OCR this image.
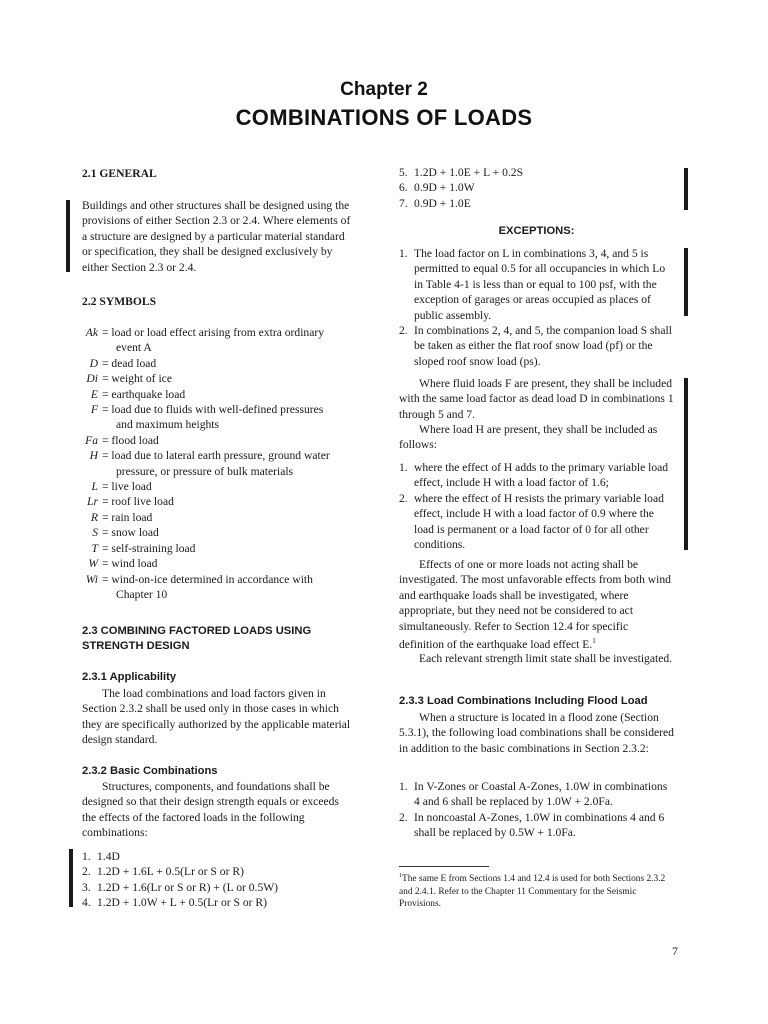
Chapter 2
COMBINATIONS OF LOADS
2.1 GENERAL

Buildings and other structures shall be designed using the provisions of either Section 2.3 or 2.4. Where elements of a structure are designed by a particular material standard or specification, they shall be designed exclusively by either Section 2.3 or 2.4.

2.2 SYMBOLS
Ak = load or load effect arising from extra ordinary
event A
D = dead load
Di = weight of ice
E = earthquake load
F = load due to fluids with well-defined pressures
and maximum heights
Fa = flood load
H = load due to lateral earth pressure, ground water
pressure, or pressure of bulk materials
L = live load
Lr = roof live load
R = rain load
S = snow load
T = self-straining load
W = wind load
Wi = wind-on-ice determined in accordance with
Chapter 10
2.3 COMBINING FACTORED LOADS USING STRENGTH DESIGN
2.3.1 Applicability

The load combinations and load factors given in Section 2.3.2 shall be used only in those cases in which they are specifically authorized by the applicable material design standard.

2.3.2 Basic Combinations

Structures, components, and foundations shall be designed so that their design strength equals or exceeds the effects of the factored loads in the following combinations:

1. 1.4D
2. 1.2D + 1.6L + 0.5(Lr or S or R)
3. 1.2D + 1.6(Lr or S or R) + (L or 0.5W)
4. 1.2D + 1.0W + L + 0.5(Lr or S or R)
5. 1.2D + 1.0E + L + 0.2S
6. 0.9D + 1.0W
7. 0.9D + 1.0E
EXCEPTIONS:
1. The load factor on L in combinations 3, 4, and 5 is permitted to equal 0.5 for all occupancies in which Lo in Table 4-1 is less than or equal to 100 psf, with the exception of garages or areas occupied as places of public assembly.
2. In combinations 2, 4, and 5, the companion load S shall be taken as either the flat roof snow load (pf) or the sloped roof snow load (ps).

Where fluid loads F are present, they shall be included with the same load factor as dead load D in combinations 1 through 5 and 7.

Where load H are present, they shall be included as follows:

1. where the effect of H adds to the primary variable load effect, include H with a load factor of 1.6;
2. where the effect of H resists the primary variable load effect, include H with a load factor of 0.9 where the load is permanent or a load factor of 0 for all other conditions.

Effects of one or more loads not acting shall be investigated. The most unfavorable effects from both wind and earthquake loads shall be investigated, where appropriate, but they need not be considered to act simultaneously. Refer to Section 12.4 for specific definition of the earthquake load effect E.$^1$

Each relevant strength limit state shall be investigated.

2.3.3 Load Combinations Including Flood Load

When a structure is located in a flood zone (Section 5.3.1), the following load combinations shall be considered in addition to the basic combinations in Section 2.3.2:

1. In V-Zones or Coastal A-Zones, 1.0W in combinations 4 and 6 shall be replaced by 1.0W + 2.0Fa.
2. In noncoastal A-Zones, 1.0W in combinations 4 and 6 shall be replaced by 0.5W + 1.0Fa.

$^1$The same E from Sections 1.4 and 12.4 is used for both Sections 2.3.2 and 2.4.1. Refer to the Chapter 11 Commentary for the Seismic Provisions.

7
